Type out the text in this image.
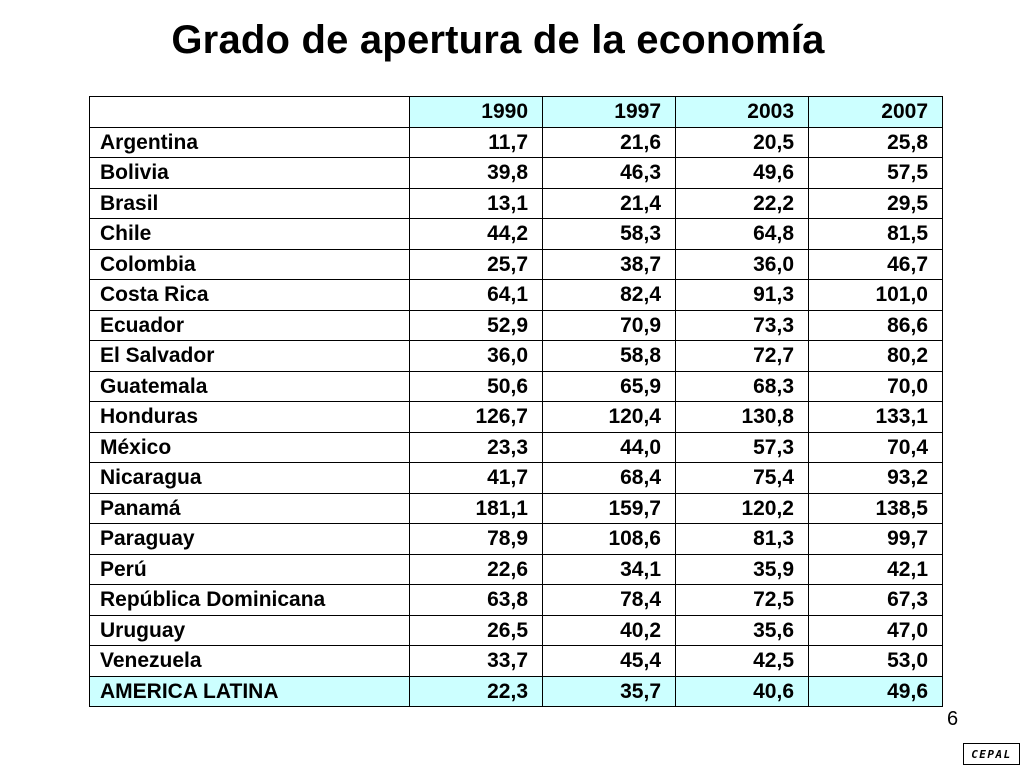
Grado de apertura de la economía
	1990	1997	2003	2007
Argentina	11,7	21,6	20,5	25,8
Bolivia	39,8	46,3	49,6	57,5
Brasil	13,1	21,4	22,2	29,5
Chile	44,2	58,3	64,8	81,5
Colombia	25,7	38,7	36,0	46,7
Costa Rica	64,1	82,4	91,3	101,0
Ecuador	52,9	70,9	73,3	86,6
El Salvador	36,0	58,8	72,7	80,2
Guatemala	50,6	65,9	68,3	70,0
Honduras	126,7	120,4	130,8	133,1
México	23,3	44,0	57,3	70,4
Nicaragua	41,7	68,4	75,4	93,2
Panamá	181,1	159,7	120,2	138,5
Paraguay	78,9	108,6	81,3	99,7
Perú	22,6	34,1	35,9	42,1
República Dominicana	63,8	78,4	72,5	67,3
Uruguay	26,5	40,2	35,6	47,0
Venezuela	33,7	45,4	42,5	53,0
AMERICA LATINA	22,3	35,7	40,6	49,6
6
CEPAL
